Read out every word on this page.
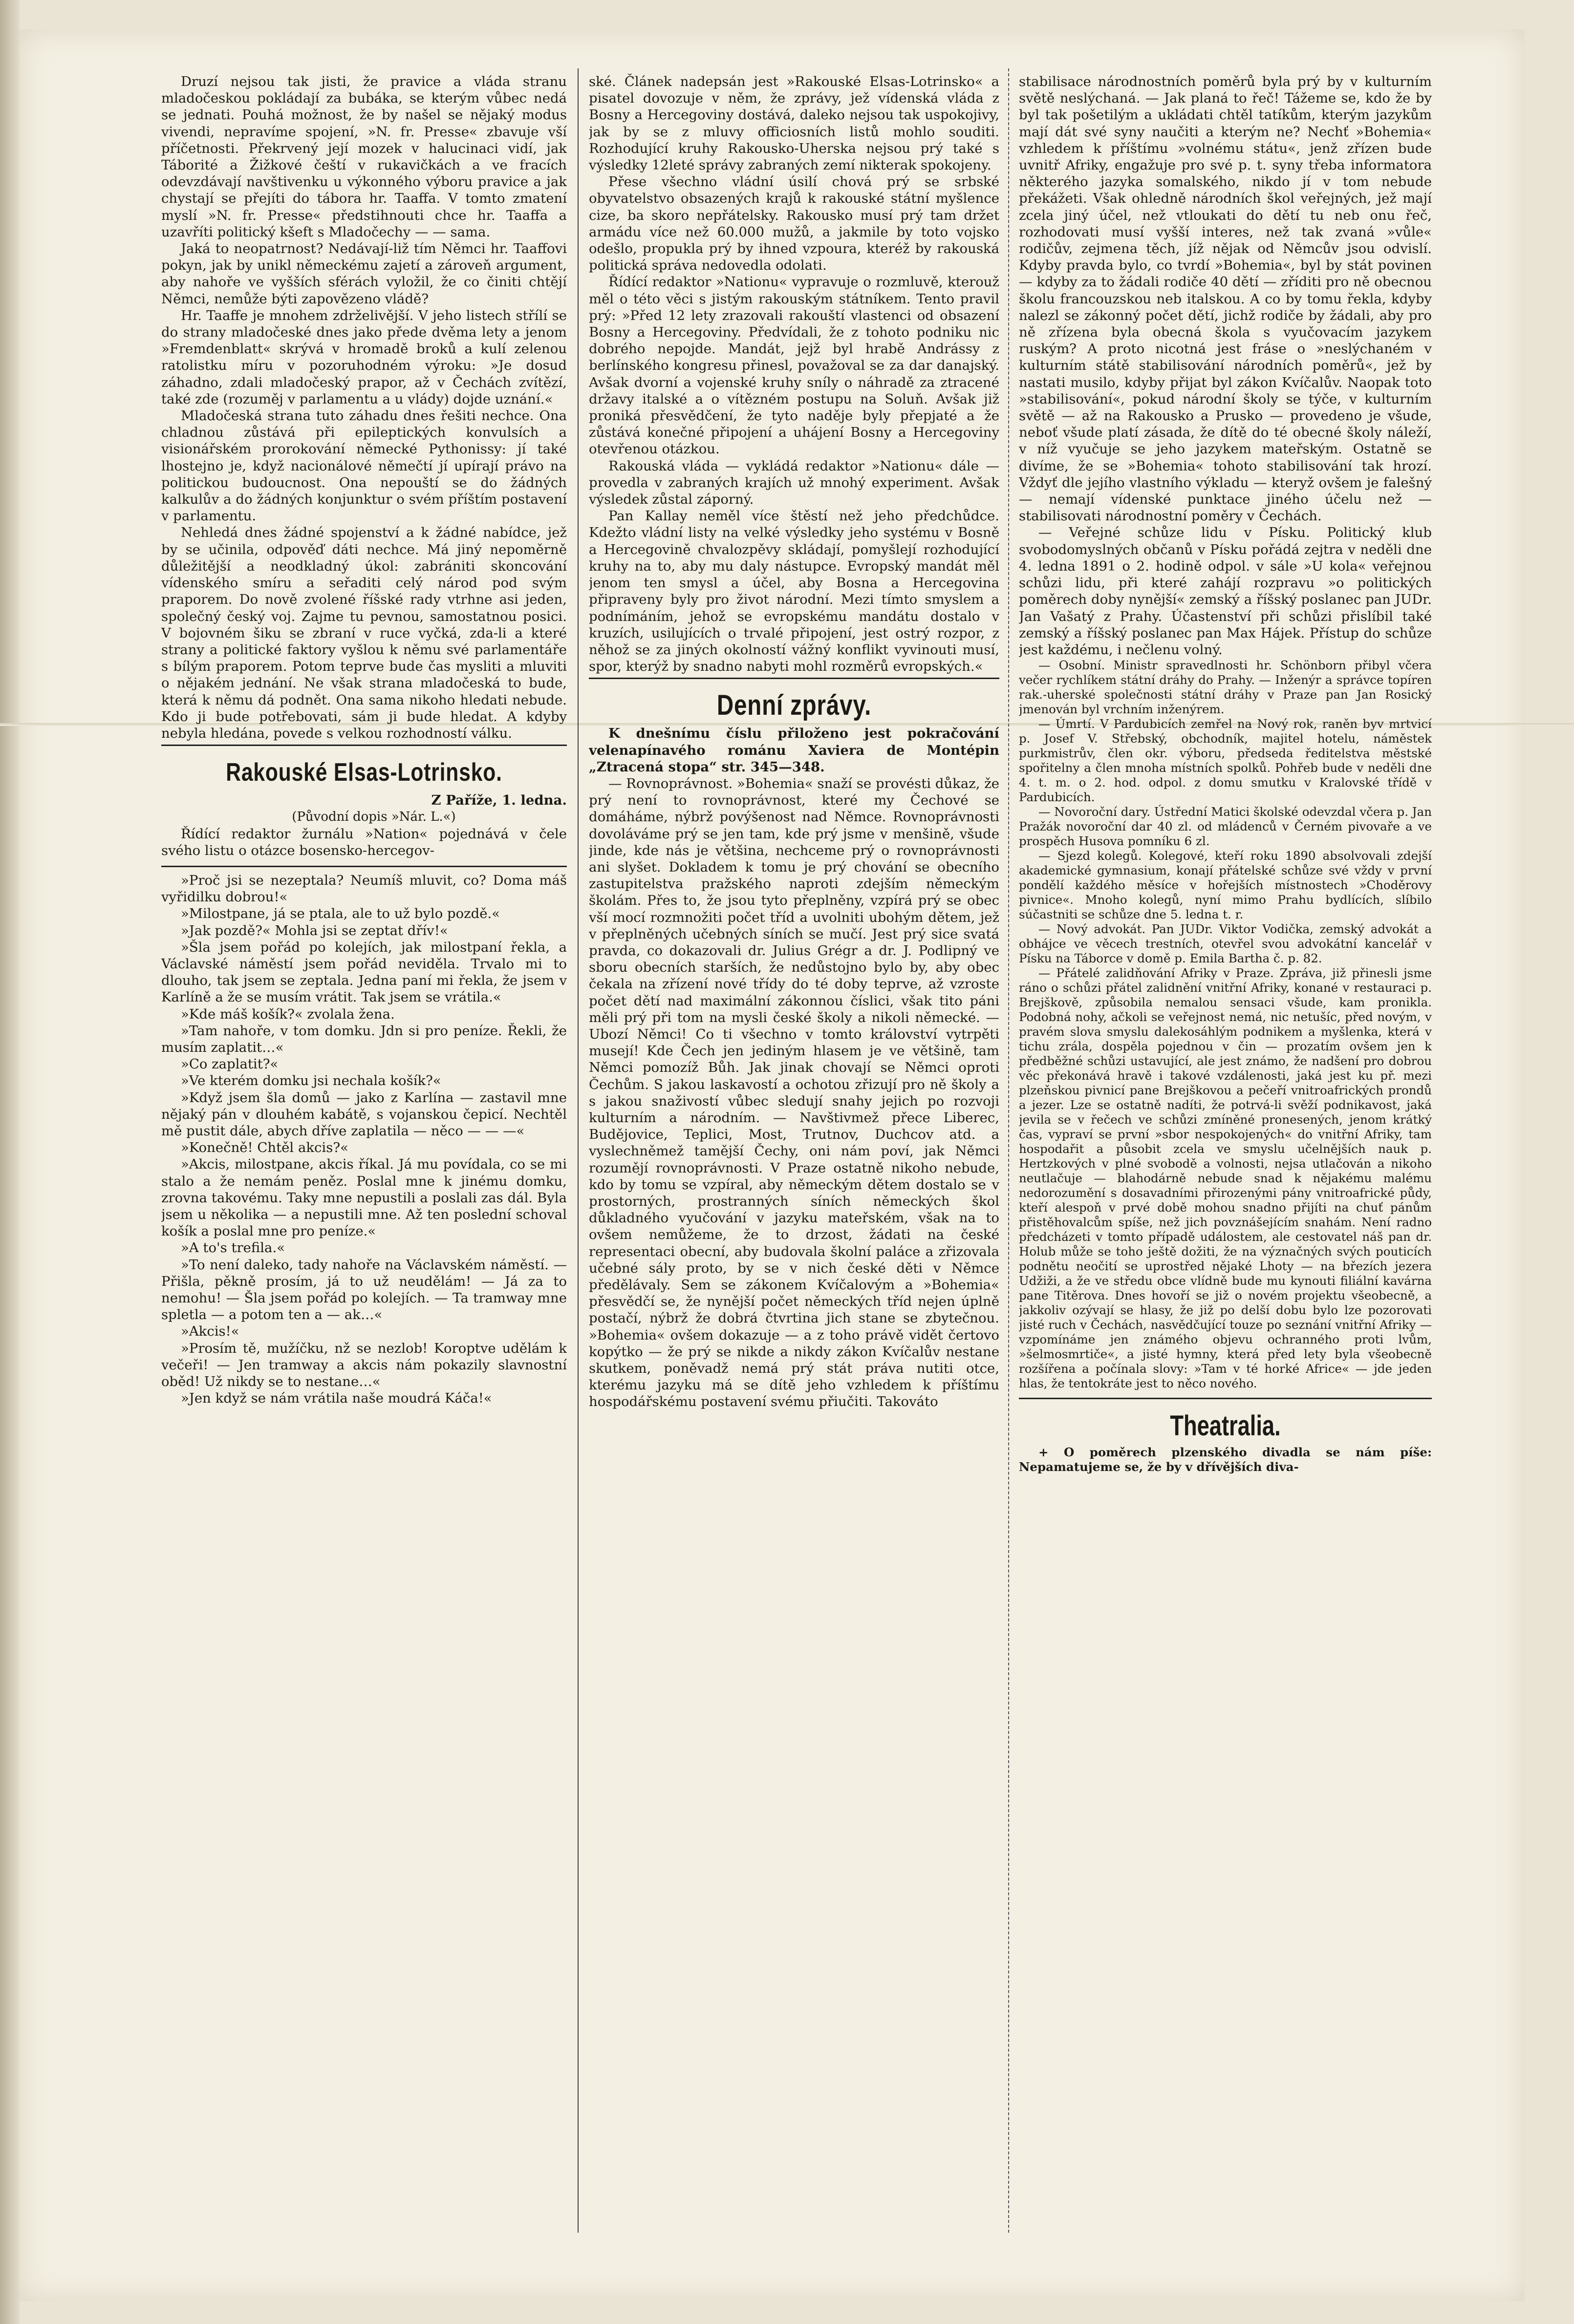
Druzí nejsou tak jisti, že pravice a vláda stranu mladočeskou pokládají za bubáka, se kterým vůbec nedá se jednati. Pouhá možnost, že by našel se nějaký modus vivendi, nepravíme spojení, »N. fr. Presse« zbavuje vší příčetnosti. Překrvený její mozek v halucinaci vidí, jak Táborité a Žižkové čeští v rukavičkách a ve fracích odevzdávají navštivenku u výkonného výboru pravice a jak chystají se přejíti do tábora hr. Taaffa. V tomto zmatení myslí »N. fr. Presse« předstihnouti chce hr. Taaffa a uzavříti politický kšeft s Mladočechy — — sama.

Jaká to neopatrnost? Nedávají-liž tím Němci hr. Taaffovi pokyn, jak by unikl německému zajetí a zároveň argument, aby nahoře ve vyšších sférách vyložil, že co činiti chtějí Němci, nemůže býti zapovězeno vládě?

Hr. Taaffe je mnohem zdrželivější. V jeho listech střílí se do strany mladočeské dnes jako přede dvěma lety a jenom »Fremdenblatt« skrývá v hromadě broků a kulí zelenou ratolistku míru v pozoruhodném výroku: »Je dosud záhadno, zdali mladočeský prapor, až v Čechách zvítězí, také zde (rozuměj v parlamentu a u vlády) dojde uznání.«

Mladočeská strana tuto záhadu dnes řešiti nechce. Ona chladnou zůstává při epileptických konvulsích a visionářském prorokování německé Pythonissy: jí také lhostejno je, když nacionálové němečtí jí upírají právo na politickou budoucnost. Ona nepouští se do žádných kalkulův a do žádných konjunktur o svém příštím postavení v parlamentu.

Nehledá dnes žádné spojenství a k žádné nabídce, jež by se učinila, odpověď dáti nechce. Má jiný nepoměrně důležitější a neodkladný úkol: zabrániti skoncování vídenského smíru a seřaditi celý národ pod svým praporem. Do nově zvolené říšské rady vtrhne asi jeden, společný český voj. Zajme tu pevnou, samostatnou posici. V bojovném šiku se zbraní v ruce vyčká, zda-li a které strany a politické faktory vyšlou k němu své parlamentáře s bílým praporem. Potom teprve bude čas mysliti a mluviti o nějakém jednání. Ne však strana mladočeská to bude, která k němu dá podnět. Ona sama nikoho hledati nebude. Kdo ji bude potřebovati, sám ji bude hledat. A kdyby nebyla hledána, povede s velkou rozhodností válku.

Rakouské Elsas-Lotrinsko.

Z Paříže, 1. ledna.

(Původní dopis »Nár. L.«)

Řídící redaktor žurnálu »Nation« pojednává v čele svého listu o otázce bosensko-hercegov-

»Proč jsi se nezeptala? Neumíš mluvit, co? Doma máš vyřidilku dobrou!«

»Milostpane, já se ptala, ale to už bylo pozdě.«

»Jak pozdě?« Mohla jsi se zeptat dřív!«

»Šla jsem pořád po kolejích, jak milostpaní řekla, a Václavské náměstí jsem pořád neviděla. Trvalo mi to dlouho, tak jsem se zeptala. Jedna paní mi řekla, že jsem v Karlíně a že se musím vrátit. Tak jsem se vrátila.«

»Kde máš košík?« zvolala žena.

»Tam nahoře, v tom domku. Jdn si pro peníze. Řekli, že musím zaplatit…«

»Co zaplatit?«

»Ve kterém domku jsi nechala košík?«

»Když jsem šla domů — jako z Karlína — zastavil mne nějaký pán v dlouhém kabátě, s vojanskou čepicí. Nechtěl mě pustit dále, abych dříve zaplatila — něco — — —«

»Konečně! Chtěl akcis?«

»Akcis, milostpane, akcis říkal. Já mu povídala, co se mi stalo a že nemám peněz. Poslal mne k jinému domku, zrovna takovému. Taky mne nepustili a poslali zas dál. Byla jsem u několika — a nepustili mne. Až ten poslední schoval košík a poslal mne pro peníze.«

»A to's trefila.«

»To není daleko, tady nahoře na Václavském náměstí. — Přišla, pěkně prosím, já to už neudělám! — Já za to nemohu! — Šla jsem pořád po kolejích. — Ta tramway mne spletla — a potom ten a — ak…«

»Akcis!«

»Prosím tě, mužíčku, nž se nezlob! Koroptve udělám k večeři! — Jen tramway a akcis nám pokazily slavnostní oběd! Už nikdy se to nestane…«

»Jen když se nám vrátila naše moudrá Káča!«

ské. Článek nadepsán jest »Rakouské Elsas-Lotrinsko« a pisatel dovozuje v něm, že zprávy, jež vídenská vláda z Bosny a Hercegoviny dostává, daleko nejsou tak uspokojivy, jak by se z mluvy officiosních listů mohlo souditi. Rozhodující kruhy Rakousko-Uherska nejsou prý také s výsledky 12leté správy zabraných zemí nikterak spokojeny.

Přese všechno vládní úsilí chová prý se srbské obyvatelstvo obsazených krajů k rakouské státní myšlence cize, ba skoro nepřátelsky. Rakousko musí prý tam držet armádu více než 60.000 mužů, a jakmile by toto vojsko odešlo, propukla prý by ihned vzpoura, kteréž by rakouská politická správa nedovedla odolati.

Řídící redaktor »Nationu« vypravuje o rozmluvě, kterouž měl o této věci s jistým rakouským státníkem. Tento pravil prý: »Před 12 lety zrazovali rakouští vlastenci od obsazení Bosny a Hercegoviny. Předvídali, že z tohoto podniku nic dobrého nepojde. Mandát, jejž byl hrabě Andrássy z berlínského kongresu přinesl, považoval se za dar danajský. Avšak dvorní a vojenské kruhy sníly o náhradě za ztracené državy italské a o vítězném postupu na Soluň. Avšak již proniká přesvědčení, že tyto naděje byly přepjaté a že zůstává konečné připojení a uhájení Bosny a Hercegoviny otevřenou otázkou.

Rakouská vláda — vykládá redaktor »Nationu« dále — provedla v zabraných krajích už mnohý experiment. Avšak výsledek zůstal záporný.

Pan Kallay neměl více štěstí než jeho předchůdce. Kdežto vládní listy na velké výsledky jeho systému v Bosně a Hercegovině chvalozpěvy skládají, pomyšlejí rozhodující kruhy na to, aby mu daly nástupce. Evropský mandát měl jenom ten smysl a účel, aby Bosna a Hercegovina připraveny byly pro život národní. Mezi tímto smyslem a podnímáním, jehož se evropskému mandátu dostalo v kruzích, usilujících o trvalé připojení, jest ostrý rozpor, z něhož se za jiných okolností vážný konflikt vyvinouti musí, spor, kterýž by snadno nabyti mohl rozměrů evropských.«

Denní zprávy.

K dnešnímu číslu přiloženo jest pokračování velenapínavého románu Xaviera de Montépin „Ztracená stopa“ str. 345—348.

— Rovnoprávnost. »Bohemia« snaží se provésti důkaz, že prý není to rovnoprávnost, které my Čechové se domáháme, nýbrž povýšenost nad Němce. Rovnoprávnosti dovoláváme prý se jen tam, kde prý jsme v menšině, všude jinde, kde nás je většina, nechceme prý o rovnoprávnosti ani slyšet. Dokladem k tomu je prý chování se obecního zastupitelstva pražského naproti zdejším německým školám. Přes to, že jsou tyto přeplněny, vzpírá prý se obec vší mocí rozmnožiti počet tříd a uvolniti ubohým dětem, jež v přeplněných učebných síních se mučí. Jest prý sice svatá pravda, co dokazovali dr. Julius Grégr a dr. J. Podlipný ve sboru obecních starších, že nedůstojno bylo by, aby obec čekala na zřízení nové třídy do té doby teprve, až vzroste počet dětí nad maximální zákonnou číslici, však tito páni měli prý při tom na mysli české školy a nikoli německé. — Ubozí Němci! Co ti všechno v tomto království vytrpěti musejí! Kde Čech jen jediným hlasem je ve většině, tam Němci pomozíž Bůh. Jak jinak chovají se Němci oproti Čechům. S jakou laskavostí a ochotou zřizují pro ně školy a s jakou snaživostí vůbec sledují snahy jejich po rozvoji kulturním a národním. — Navštivmež přece Liberec, Budějovice, Teplici, Most, Trutnov, Duchcov atd. a vyslechněmež tamější Čechy, oni nám poví, jak Němci rozumějí rovnoprávnosti. V Praze ostatně nikoho nebude, kdo by tomu se vzpíral, aby německým dětem dostalo se v prostorných, prostranných síních německých škol důkladného vyučování v jazyku mateřském, však na to ovšem nemůžeme, že to drzost, žádati na české representaci obecní, aby budovala školní paláce a zřizovala učebné sály proto, by se v nich české děti v Němce předělávaly. Sem se zákonem Kvíčalovým a »Bohemia« přesvědčí se, že nynější počet německých tříd nejen úplně postačí, nýbrž že dobrá čtvrtina jich stane se zbytečnou. »Bohemia« ovšem dokazuje — a z toho právě vidět čertovo kopýtko — že prý se nikde a nikdy zákon Kvíčalův nestane skutkem, poněvadž nemá prý stát práva nutiti otce, kterému jazyku má se dítě jeho vzhledem k příštímu hospodářskému postavení svému přiučiti. Takováto

stabilisace národnostních poměrů byla prý by v kulturním světě neslýchaná. — Jak planá to řeč! Tážeme se, kdo že by byl tak pošetilým a ukládati chtěl tatíkům, kterým jazykům mají dát své syny naučiti a kterým ne? Nechť »Bohemia« vzhledem k příštímu »volnému státu«, jenž zřízen bude uvnitř Afriky, engažuje pro své p. t. syny třeba informatora některého jazyka somalského, nikdo jí v tom nebude překážeti. Však ohledně národních škol veřejných, jež mají zcela jiný účel, než vtloukati do dětí tu neb onu řeč, rozhodovati musí vyšší interes, než tak zvaná »vůle« rodičův, zejmena těch, jíž nějak od Němcův jsou odvislí. Kdyby pravda bylo, co tvrdí »Bohemia«, byl by stát povinen — kdyby za to žádali rodiče 40 dětí — zříditi pro ně obecnou školu francouzskou neb italskou. A co by tomu řekla, kdyby nalezl se zákonný počet dětí, jichž rodiče by žádali, aby pro ně zřízena byla obecná škola s vyučovacím jazykem ruským? A proto nicotná jest fráse o »neslýchaném v kulturním státě stabilisování národních poměrů«, jež by nastati musilo, kdyby přijat byl zákon Kvíčalův. Naopak toto »stabilisování«, pokud národní školy se týče, v kulturním světě — až na Rakousko a Prusko — provedeno je všude, neboť všude platí zásada, že dítě do té obecné školy náleží, v níž vyučuje se jeho jazykem mateřským. Ostatně se divíme, že se »Bohemia« tohoto stabilisování tak hrozí. Vždyť dle jejího vlastního výkladu — kteryž ovšem je falešný — nemají vídenské punktace jiného účelu než — stabilisovati národnostní poměry v Čechách.

— Veřejné schůze lidu v Písku. Politický klub svobodomyslných občanů v Písku pořádá zejtra v neděli dne 4. ledna 1891 o 2. hodině odpol. v sále »U kola« veřejnou schůzi lidu, při které zahájí rozpravu »o politických poměrech doby nynější« zemský a říšský poslanec pan JUDr. Jan Vašatý z Prahy. Účastenství při schůzi přislíbil také zemský a říšský poslanec pan Max Hájek. Přístup do schůze jest každému, i nečlenu volný.

— Osobní. Ministr spravedlnosti hr. Schönborn přibyl včera večer rychlíkem státní dráhy do Prahy. — Inženýr a správce topíren rak.-uherské společnosti státní dráhy v Praze pan Jan Rosický jmenován byl vrchním inženýrem.

— Úmrtí. V Pardubicích zemřel na Nový rok, raněn byv mrtvicí p. Josef V. Střebský, obchodník, majitel hotelu, náměstek purkmistrův, člen okr. výboru, předseda ředitelstva městské spořitelny a člen mnoha místních spolků. Pohřeb bude v neděli dne 4. t. m. o 2. hod. odpol. z domu smutku v Kralovské třídě v Pardubicích.

— Novoroční dary. Ústřední Matici školské odevzdal včera p. Jan Pražák novoroční dar 40 zl. od mládenců v Černém pivovaře a ve prospěch Husova pomníku 6 zl.

— Sjezd kolegů. Kolegové, kteří roku 1890 absolvovali zdejší akademické gymnasium, konají přátelské schůze své vždy v první pondělí každého měsíce v hořejších místnostech »Choděrovy pivnice«. Mnoho kolegů, nyní mimo Prahu bydlících, slíbilo súčastniti se schůze dne 5. ledna t. r.

— Nový advokát. Pan JUDr. Viktor Vodička, zemský advokát a obhájce ve věcech trestních, otevřel svou advokátní kancelář v Písku na Táborce v domě p. Emila Bartha č. p. 82.

— Přátelé zalidňování Afriky v Praze. Zpráva, již přinesli jsme ráno o schůzi přátel zalidnění vnitřní Afriky, konané v restauraci p. Brejškově, způsobila nemalou sensaci všude, kam pronikla. Podobná nohy, ačkoli se veřejnost nemá, nic netušíc, před novým, v pravém slova smyslu dalekosáhlým podnikem a myšlenka, která v tichu zrála, dospěla pojednou v čin — prozatím ovšem jen k předběžné schůzi ustavující, ale jest známo, že nadšení pro dobrou věc překonává hravě i takové vzdálenosti, jaká jest ku př. mezi plzeňskou pivnicí pane Brejškovou a pečeří vnitroafrických prondů a jezer. Lze se ostatně nadíti, že potrvá-li svěží podnikavost, jaká jevila se v řečech ve schůzi zmíněné pronesených, jenom krátký čas, vypraví se první »sbor nespokojených« do vnitřní Afriky, tam hospodařit a působit zcela ve smyslu učelnějších nauk p. Hertzkových v plné svobodě a volnosti, nejsa utlačován a nikoho neutlačuje — blahodárně nebude snad k nějakému malému nedorozumění s dosavadními přirozenými pány vnitroafrické půdy, kteří alespoň v prvé době mohou snadno přijíti na chuť pánům přistěhovalcům spíše, než jich povznášejícím snahám. Není radno předcházeti v tomto případě událostem, ale cestovatel náš pan dr. Holub může se toho ještě dožiti, že na význačných svých pouticích podnětu neočití se uprostřed nějaké Lhoty — na březích jezera Udžiži, a že ve středu obce vlídně bude mu kynouti filiální kavárna pane Titěrova. Dnes hovoří se již o novém projektu všeobecně, a jakkoliv ozývají se hlasy, že již po delší dobu bylo lze pozorovati jisté ruch v Čechách, nasvědčující touze po seznání vnitřní Afriky — vzpomínáme jen známého objevu ochranného proti lvům, »šelmosmrtiče«, a jisté hymny, která před lety byla všeobecně rozšířena a počínala slovy: »Tam v té horké Africe« — jde jeden hlas, že tentokráte jest to něco nového.

Theatralia.

+ O poměrech plzenského divadla se nám píše: Nepamatujeme se, že by v dřívějších diva-
